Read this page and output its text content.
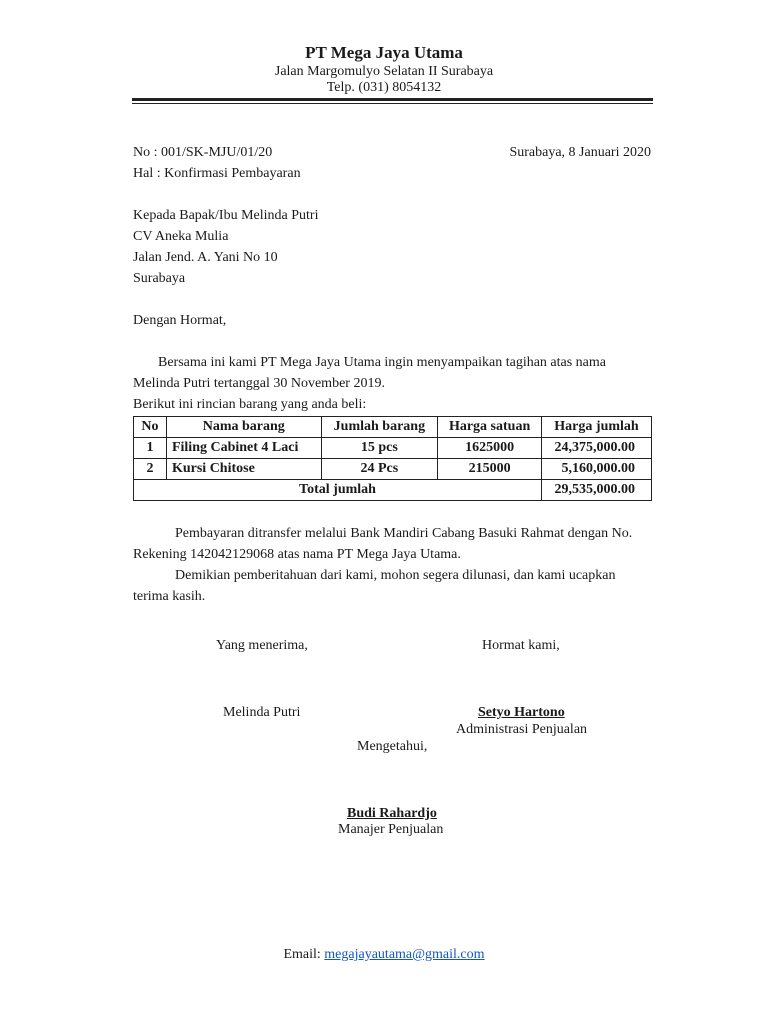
PT Mega Jaya Utama
Jalan Margomulyo Selatan II Surabaya
Telp. (031) 8054132
No : 001/SK-MJU/01/20	Surabaya, 8 Januari 2020
Hal : Konfirmasi Pembayaran
Kepada Bapak/Ibu Melinda Putri
CV Aneka Mulia
Jalan Jend. A. Yani No 10
Surabaya
Dengan Hormat,
Bersama ini kami PT Mega Jaya Utama ingin menyampaikan tagihan atas nama
Melinda Putri tertanggal 30 November 2019.
Berikut ini rincian barang yang anda beli:
No	Nama barang	Jumlah barang	Harga satuan	Harga jumlah
1	Filing Cabinet 4 Laci	15 pcs	1625000	24,375,000.00
2	Kursi Chitose	24 Pcs	215000	5,160,000.00
Total jumlah				29,535,000.00
Pembayaran ditransfer melalui Bank Mandiri Cabang Basuki Rahmat dengan No.
Rekening 142042129068 atas nama PT Mega Jaya Utama.
Demikian pemberitahuan dari kami, mohon segera dilunasi, dan kami ucapkan
terima kasih.
Yang menerima,	Hormat kami,
Melinda Putri	Setyo Hartono
Administrasi Penjualan
Mengetahui,
Budi Rahardjo
Manajer Penjualan
Email: megajayautama@gmail.com
